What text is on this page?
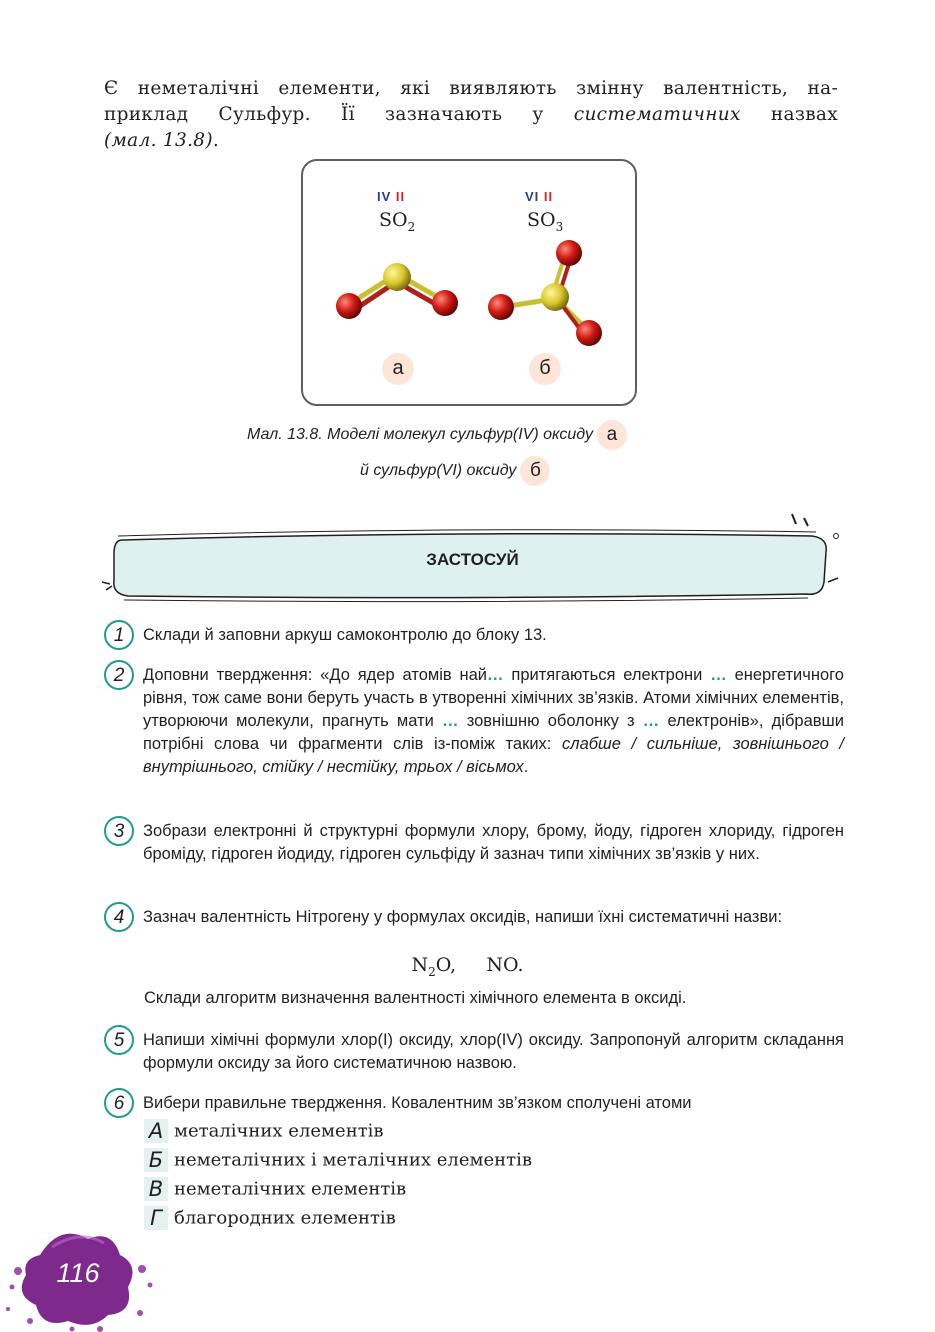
Є неметалічні елементи, які виявляють змінну валентність, на-
приклад Сульфур. Її зазначають у систематичних назвах
(мал. 13.8).
IV II
$SO_2$
а
VI II
$SO_3$
б
Мал. 13.8. Моделі молекул сульфур(IV) оксиду а
й сульфур(VI) оксиду б
ЗАСТОСУЙ
1	Склади й заповни аркуш самоконтролю до блоку 13.
2	Доповни твердження: «До ядер атомів най… притягаються електрони … енергетичного рівня, тож саме вони беруть участь в утворенні хімічних зв’язків. Атоми хімічних елементів, утворюючи молекули, прагнуть мати … зовнішню оболонку з … електронів», дібравши потрібні слова чи фрагменти слів із-поміж таких: слабше / сильніше, зовнішнього / внутрішнього, стійку / нестійку, трьох / вісьмох.
3	Зобрази електронні й структурні формули хлору, брому, йоду, гідроген хлориду, гідроген броміду, гідроген йодиду, гідроген сульфіду й зазнач типи хімічних зв’язків у них.
4	Зазнач валентність Нітрогену у формулах оксидів, напиши їхні систематичні назви:
$N_2O$, NO.
Склади алгоритм визначення валентності хімічного елемента в оксиді.
5	Напиши хімічні формули хлор(І) оксиду, хлор(IV) оксиду. Запропонуй алгоритм складання формули оксиду за його систематичною назвою.
6	Вибери правильне твердження. Ковалентним зв’язком сполучені атоми
А металічних елементів
Б неметалічних і металічних елементів
В неметалічних елементів
Г благородних елементів
116
